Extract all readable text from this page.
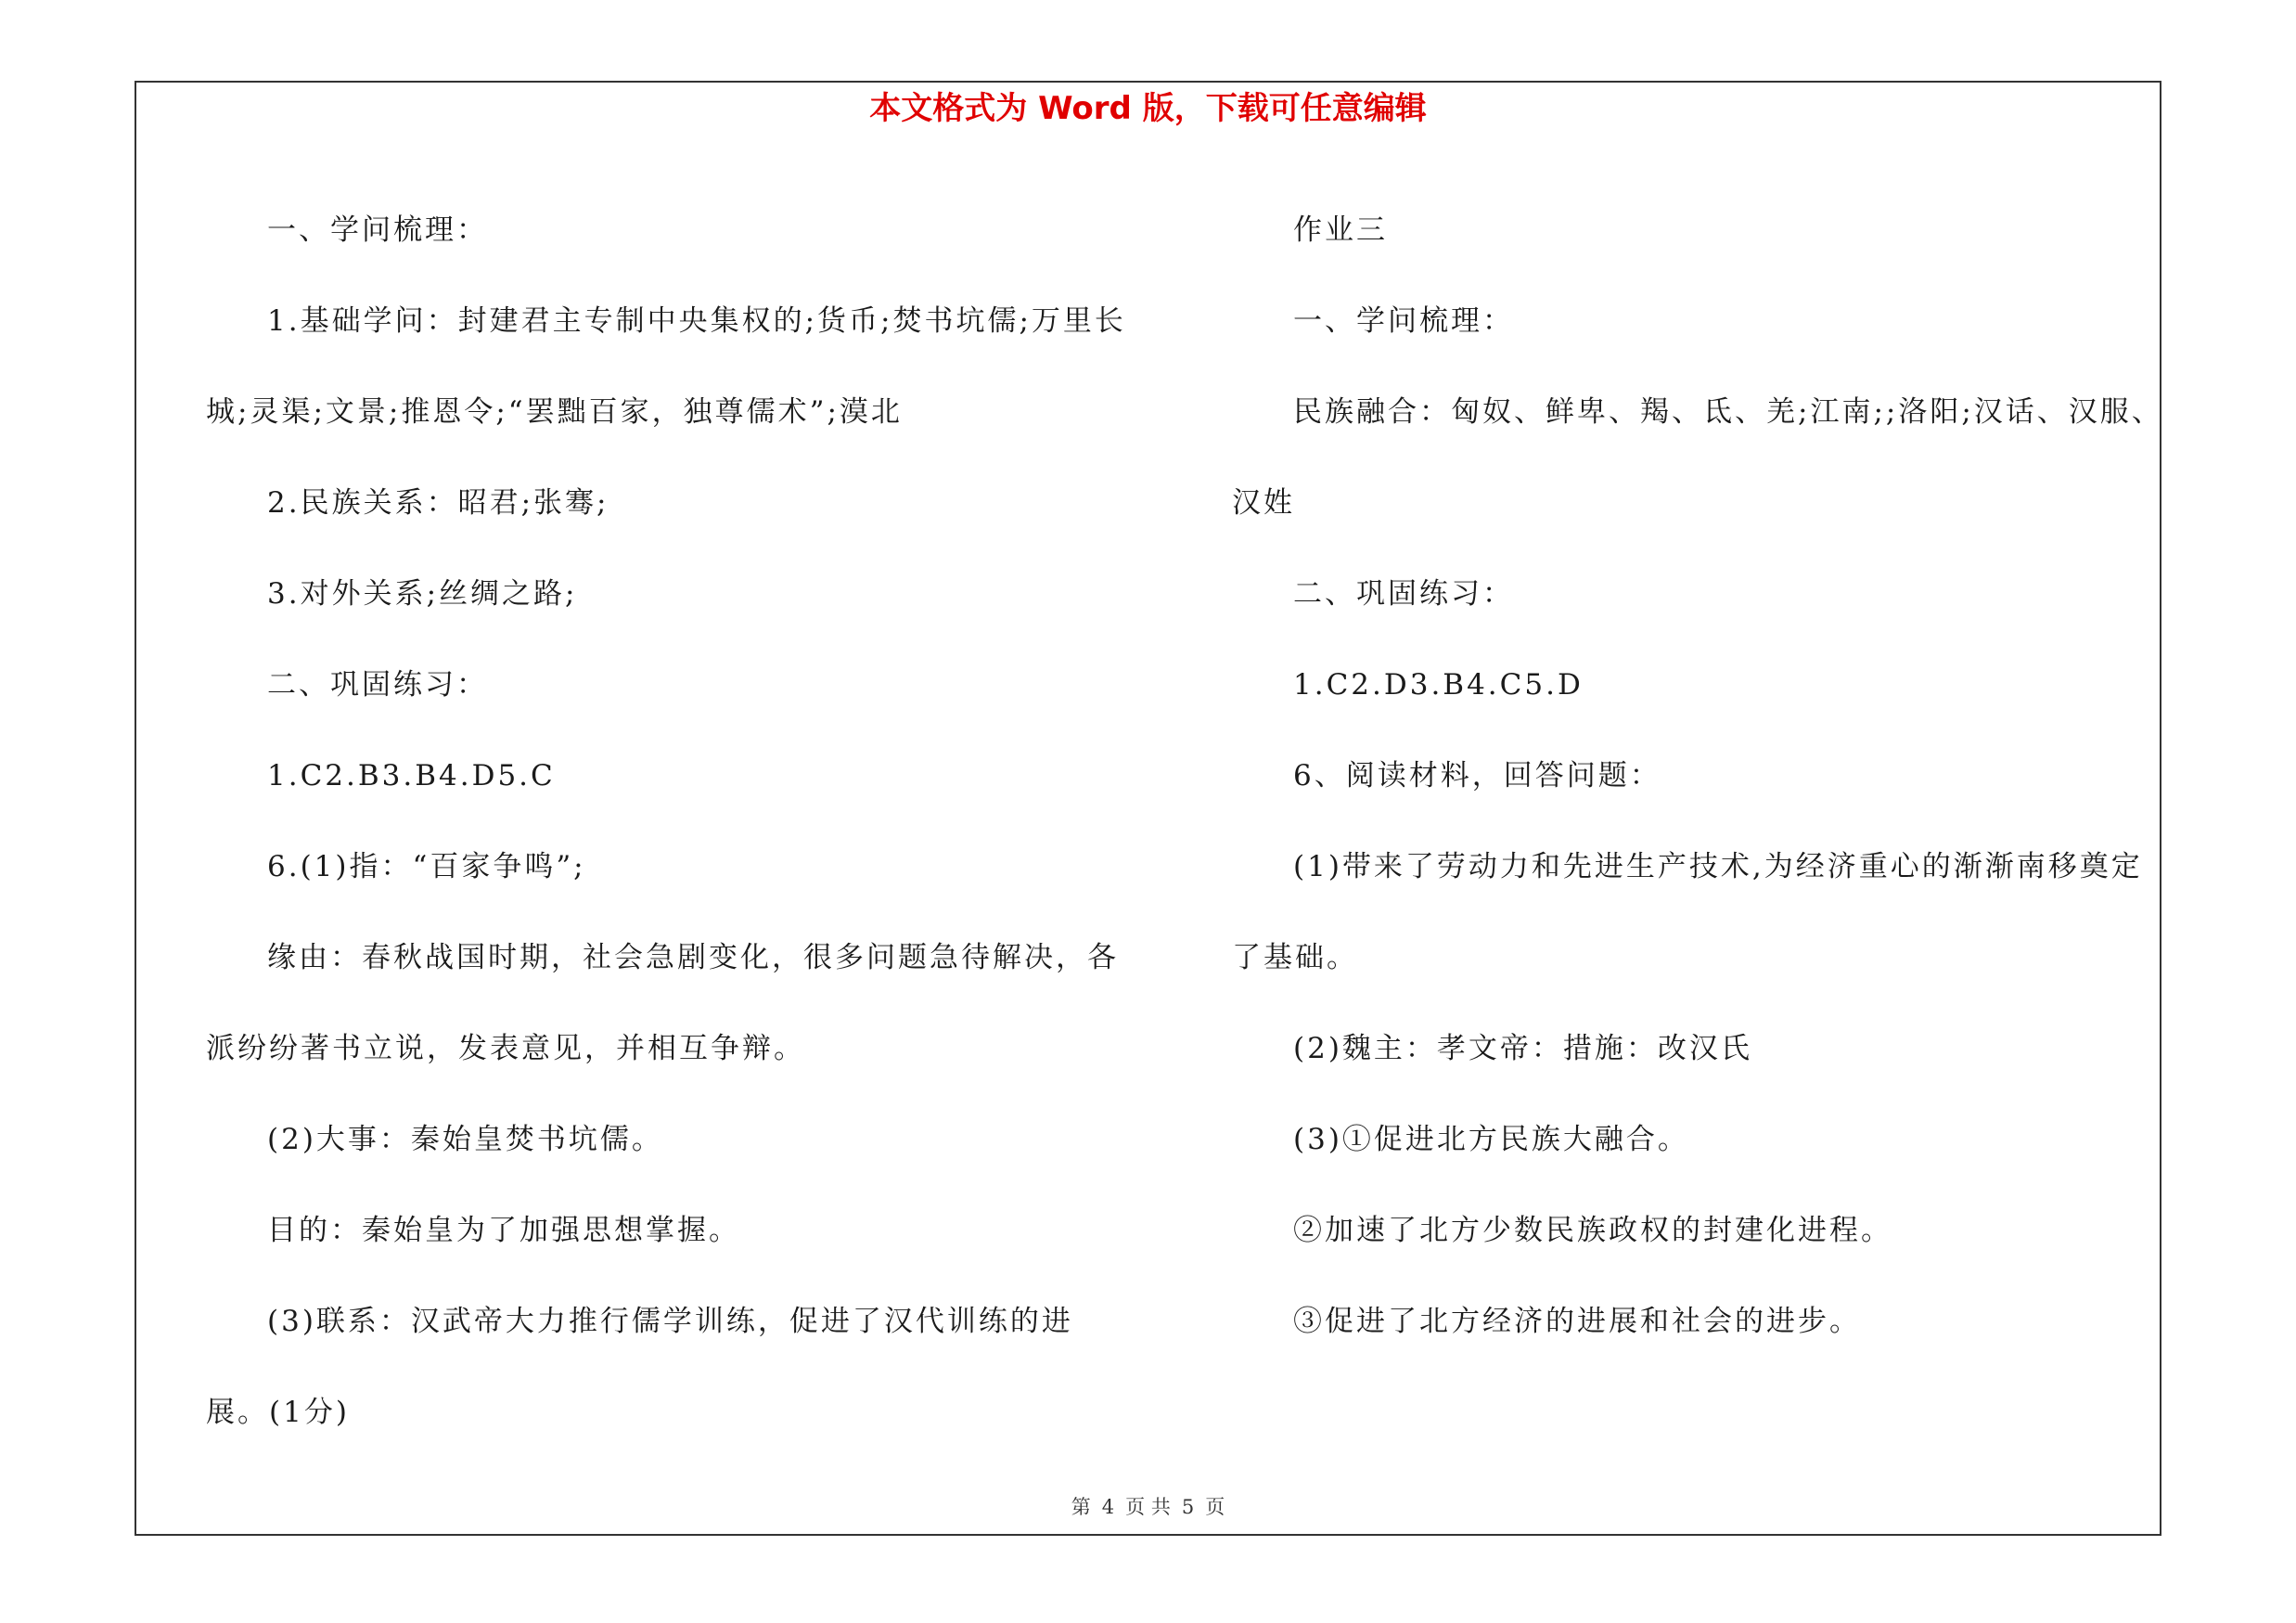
本文格式为 Word 版，下载可任意编辑

一、学问梳理：

1.基础学问：封建君主专制中央集权的;货币;焚书坑儒;万里长城;灵渠;文景;推恩令;“罢黜百家，独尊儒术”;漠北

2.民族关系：昭君;张骞;

3.对外关系;丝绸之路;

二、巩固练习：

1.C2.B3.B4.D5.C

6.(1)指：“百家争鸣”;

缘由：春秋战国时期，社会急剧变化，很多问题急待解决，各派纷纷著书立说，发表意见，并相互争辩。

(2)大事：秦始皇焚书坑儒。

目的：秦始皇为了加强思想掌握。

(3)联系：汉武帝大力推行儒学训练，促进了汉代训练的进展。(1分)

作业三

一、学问梳理：

民族融合：匈奴、鲜卑、羯、氐、羌;江南;;洛阳;汉话、汉服、汉姓

二、巩固练习：

1.C2.D3.B4.C5.D

6、阅读材料，回答问题：

(1)带来了劳动力和先进生产技术,为经济重心的渐渐南移奠定了基础。

(2)魏主：孝文帝：措施：改汉氏

(3)①促进北方民族大融合。

②加速了北方少数民族政权的封建化进程。

③促进了北方经济的进展和社会的进步。

第 4 页 共 5 页
